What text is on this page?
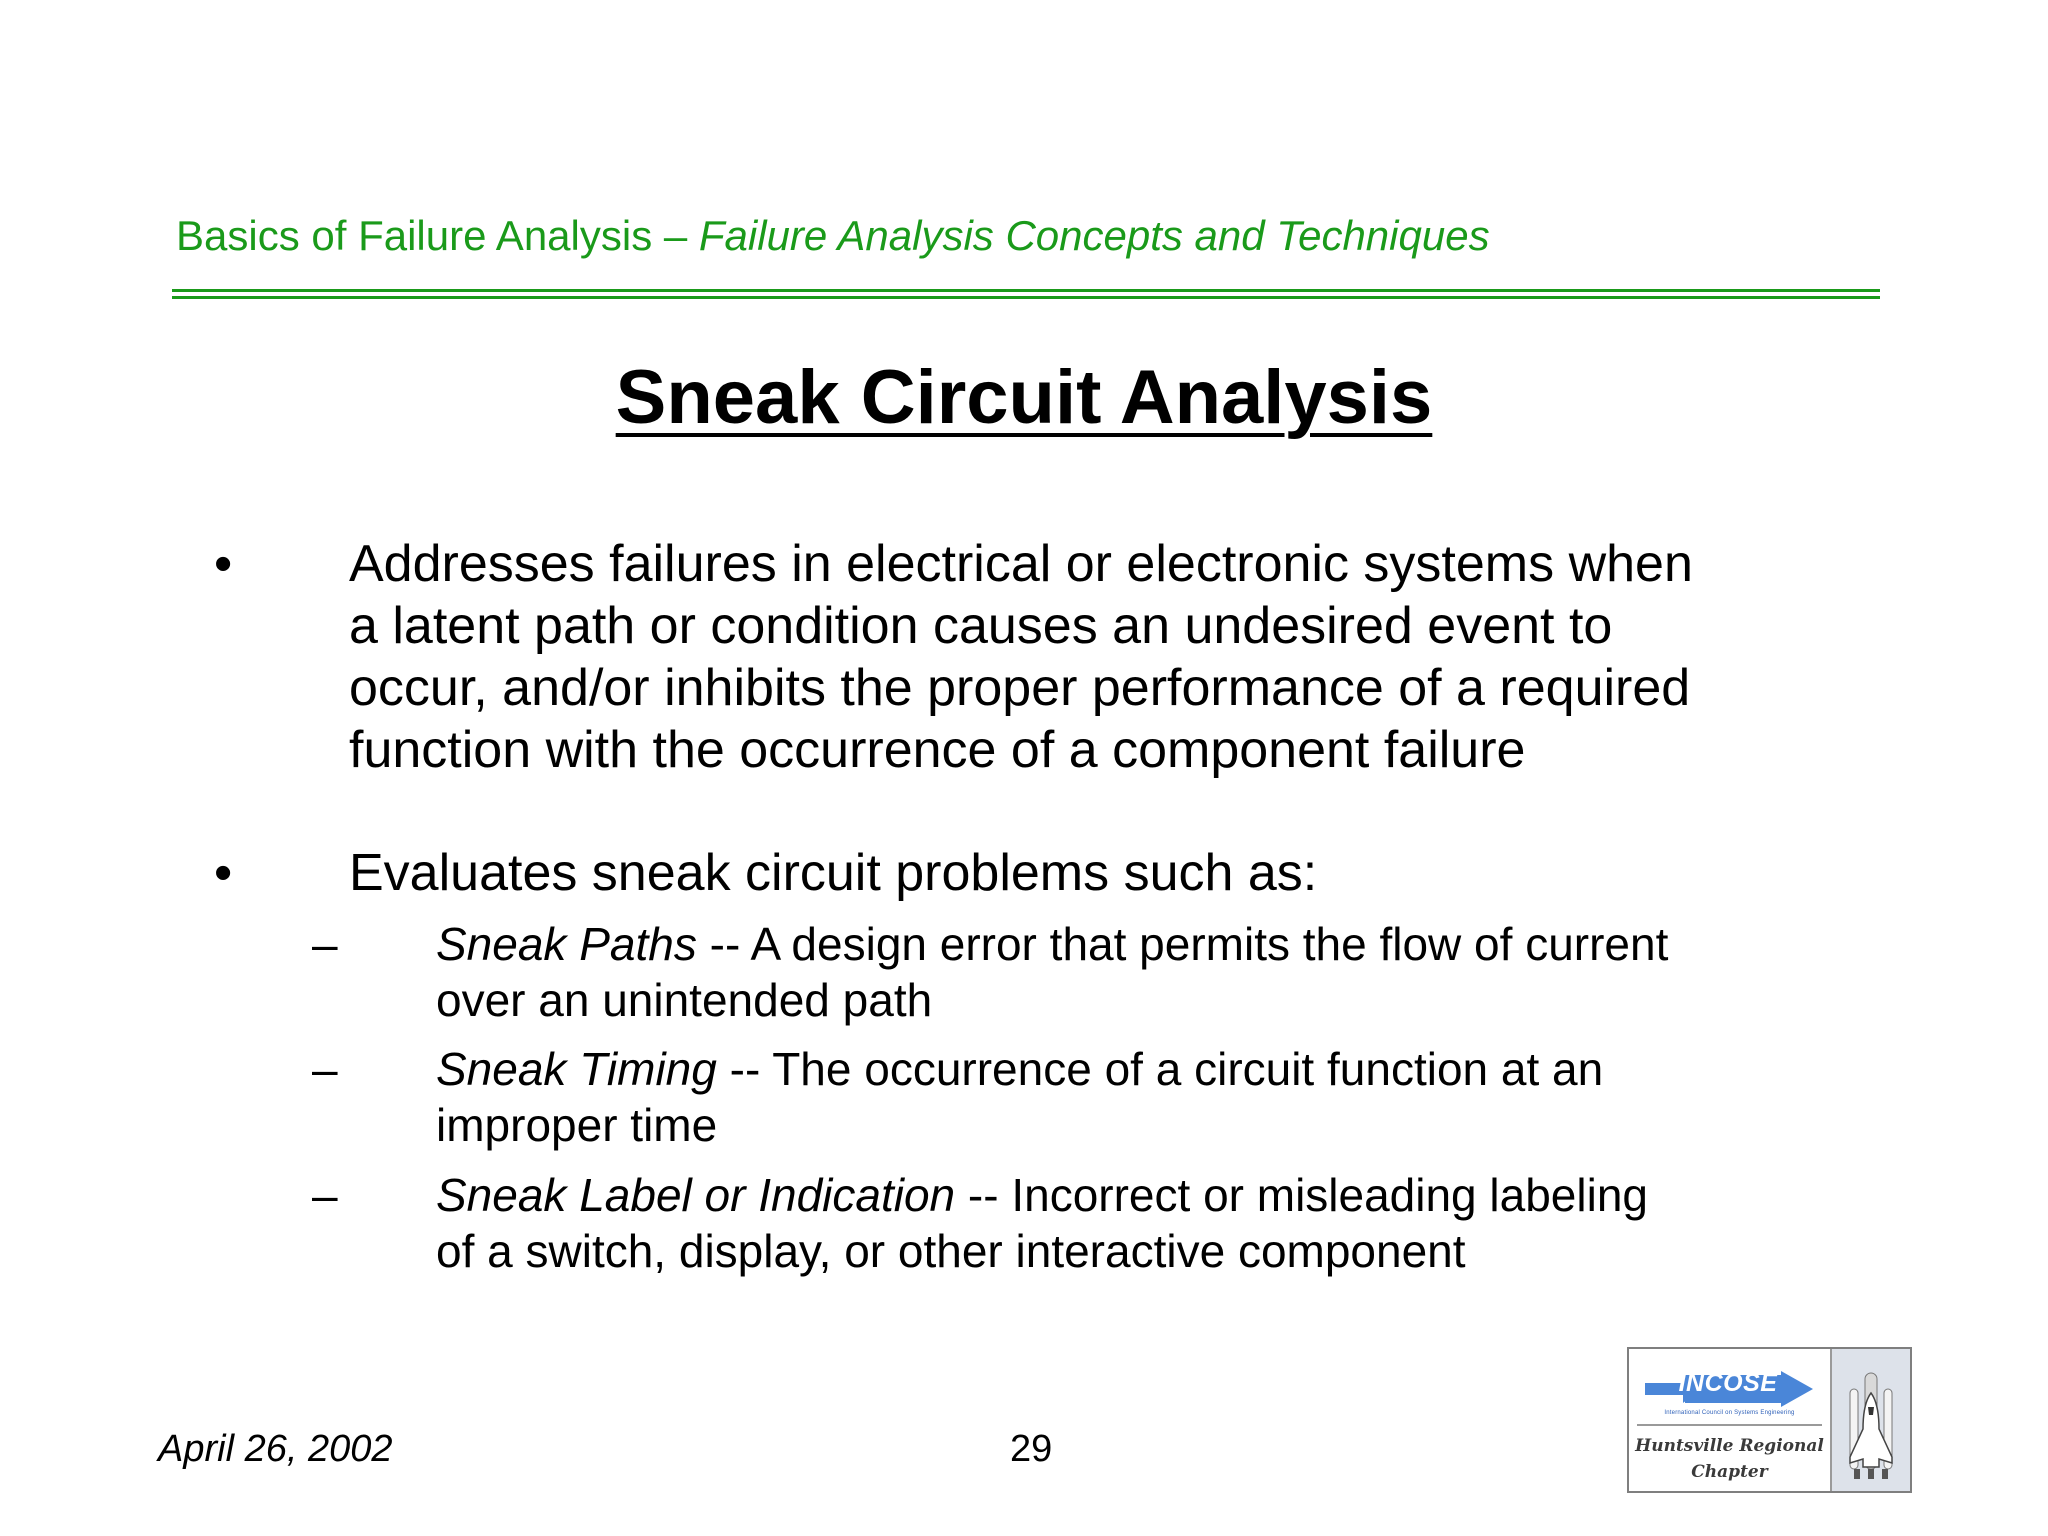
Basics of Failure Analysis – Failure Analysis Concepts and Techniques
Sneak Circuit Analysis
• Addresses failures in electrical or electronic systems when
a latent path or condition causes an undesired event to
occur, and/or inhibits the proper performance of a required
function with the occurrence of a component failure
• Evaluates sneak circuit problems such as:
– Sneak Paths -- A design error that permits the flow of current
over an unintended path
– Sneak Timing -- The occurrence of a circuit function at an
improper time
– Sneak Label or Indication -- Incorrect or misleading labeling
of a switch, display, or other interactive component
April 26, 2002	29
INCOSE
International Council on Systems Engineering
Huntsville Regional
Chapter
